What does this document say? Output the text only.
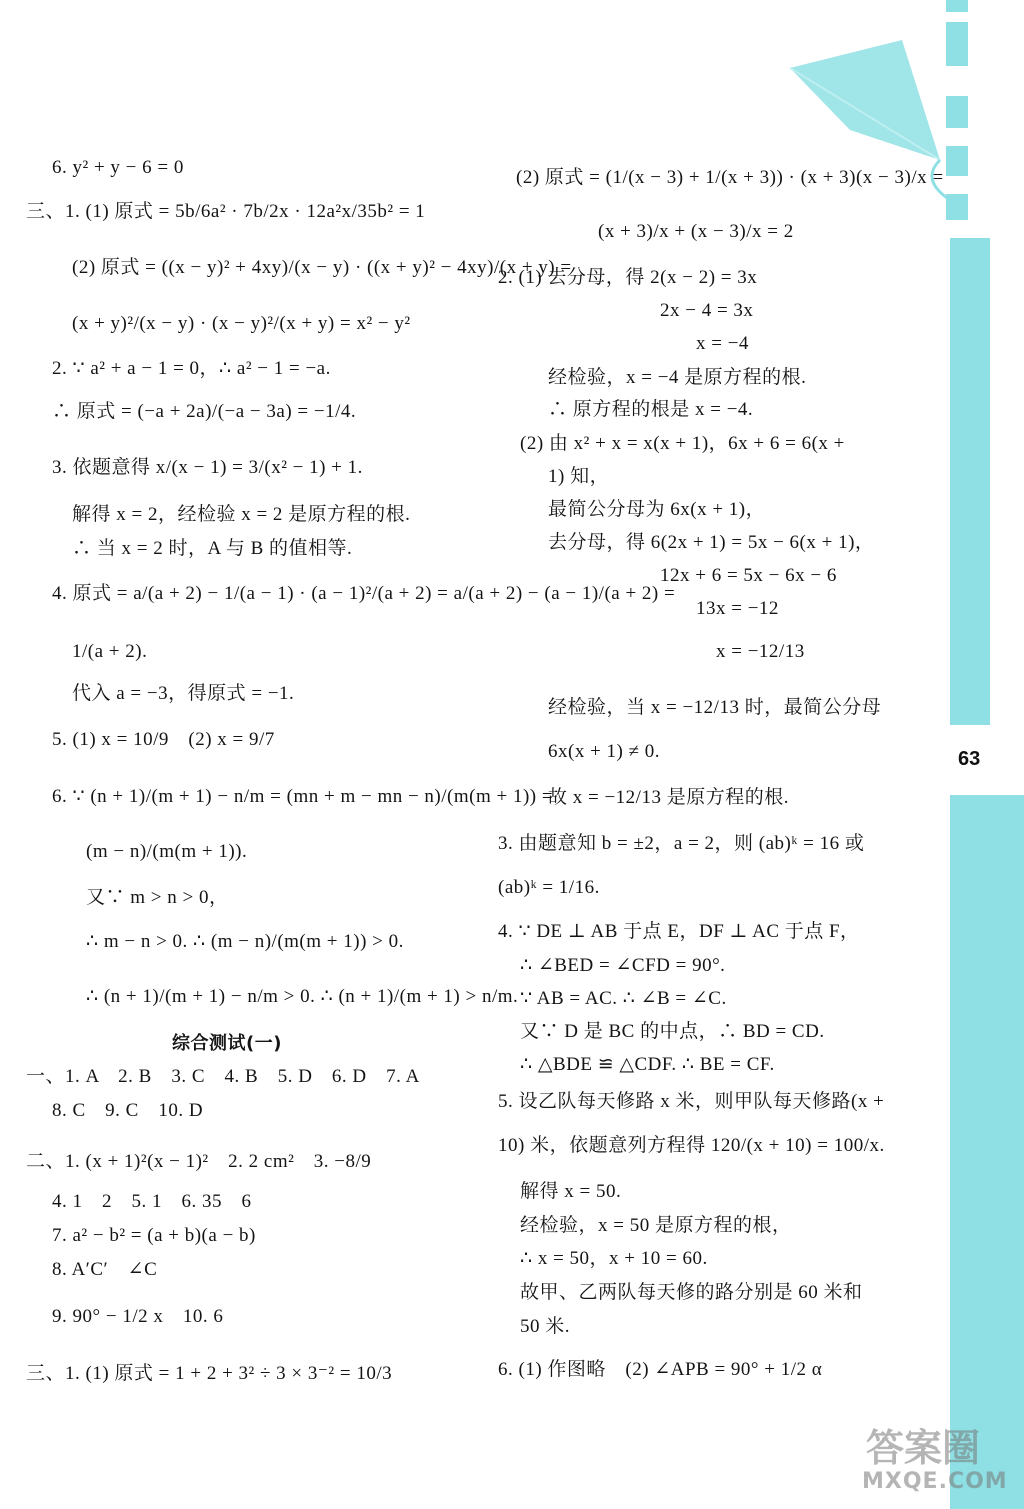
6. y² + y − 6 = 0
三、1. (1) 原式 = 5b/6a² · 7b/2x · 12a²x/35b² = 1
(2) 原式 = ((x − y)² + 4xy)/(x − y) · ((x + y)² − 4xy)/(x + y) =
(x + y)²/(x − y) · (x − y)²/(x + y) = x² − y²
2. ∵ a² + a − 1 = 0，∴ a² − 1 = −a.
∴ 原式 = (−a + 2a)/(−a − 3a) = −1/4.
3. 依题意得 x/(x − 1) = 3/(x² − 1) + 1.
解得 x = 2，经检验 x = 2 是原方程的根.
∴ 当 x = 2 时，A 与 B 的值相等.
4. 原式 = a/(a + 2) − 1/(a − 1) · (a − 1)²/(a + 2) = a/(a + 2) − (a − 1)/(a + 2) =
1/(a + 2).
代入 a = −3，得原式 = −1.
5. (1) x = 10/9　(2) x = 9/7
6. ∵ (n + 1)/(m + 1) − n/m = (mn + m − mn − n)/(m(m + 1)) =
(m − n)/(m(m + 1)).
又∵ m > n > 0，
∴ m − n > 0. ∴ (m − n)/(m(m + 1)) > 0.
∴ (n + 1)/(m + 1) − n/m > 0. ∴ (n + 1)/(m + 1) > n/m.
综合测试(一)
一、1. A　2. B　3. C　4. B　5. D　6. D　7. A
8. C　9. C　10. D
二、1. (x + 1)²(x − 1)²　2. 2 cm²　3. −8/9
4. 1　2　5. 1　6. 35　6
7. a² − b² = (a + b)(a − b)
8. A′C′　∠C
9. 90° − 1/2 x　10. 6
三、1. (1) 原式 = 1 + 2 + 3² ÷ 3 × 3⁻² = 10/3
(2) 原式 = (1/(x − 3) + 1/(x + 3)) · (x + 3)(x − 3)/x =
(x + 3)/x + (x − 3)/x = 2
2. (1) 去分母，得 2(x − 2) = 3x
2x − 4 = 3x
x = −4
经检验，x = −4 是原方程的根.
∴ 原方程的根是 x = −4.
(2) 由 x² + x = x(x + 1)，6x + 6 = 6(x +
1) 知，
最简公分母为 6x(x + 1)，
去分母，得 6(2x + 1) = 5x − 6(x + 1)，
12x + 6 = 5x − 6x − 6
13x = −12
x = −12/13
经检验，当 x = −12/13 时，最简公分母
6x(x + 1) ≠ 0.
故 x = −12/13 是原方程的根.
3. 由题意知 b = ±2，a = 2，则 (ab)ᵏ = 16 或
(ab)ᵏ = 1/16.
4. ∵ DE ⊥ AB 于点 E，DF ⊥ AC 于点 F，
∴ ∠BED = ∠CFD = 90°.
∵ AB = AC. ∴ ∠B = ∠C.
又∵ D 是 BC 的中点，∴ BD = CD.
∴ △BDE ≌ △CDF. ∴ BE = CF.
5. 设乙队每天修路 x 米，则甲队每天修路(x +
10) 米，依题意列方程得 120/(x + 10) = 100/x.
解得 x = 50.
经检验，x = 50 是原方程的根，
∴ x = 50，x + 10 = 60.
故甲、乙两队每天修的路分别是 60 米和
50 米.
6. (1) 作图略　(2) ∠APB = 90° + 1/2 α
63
答案圈
MXQE.COM
